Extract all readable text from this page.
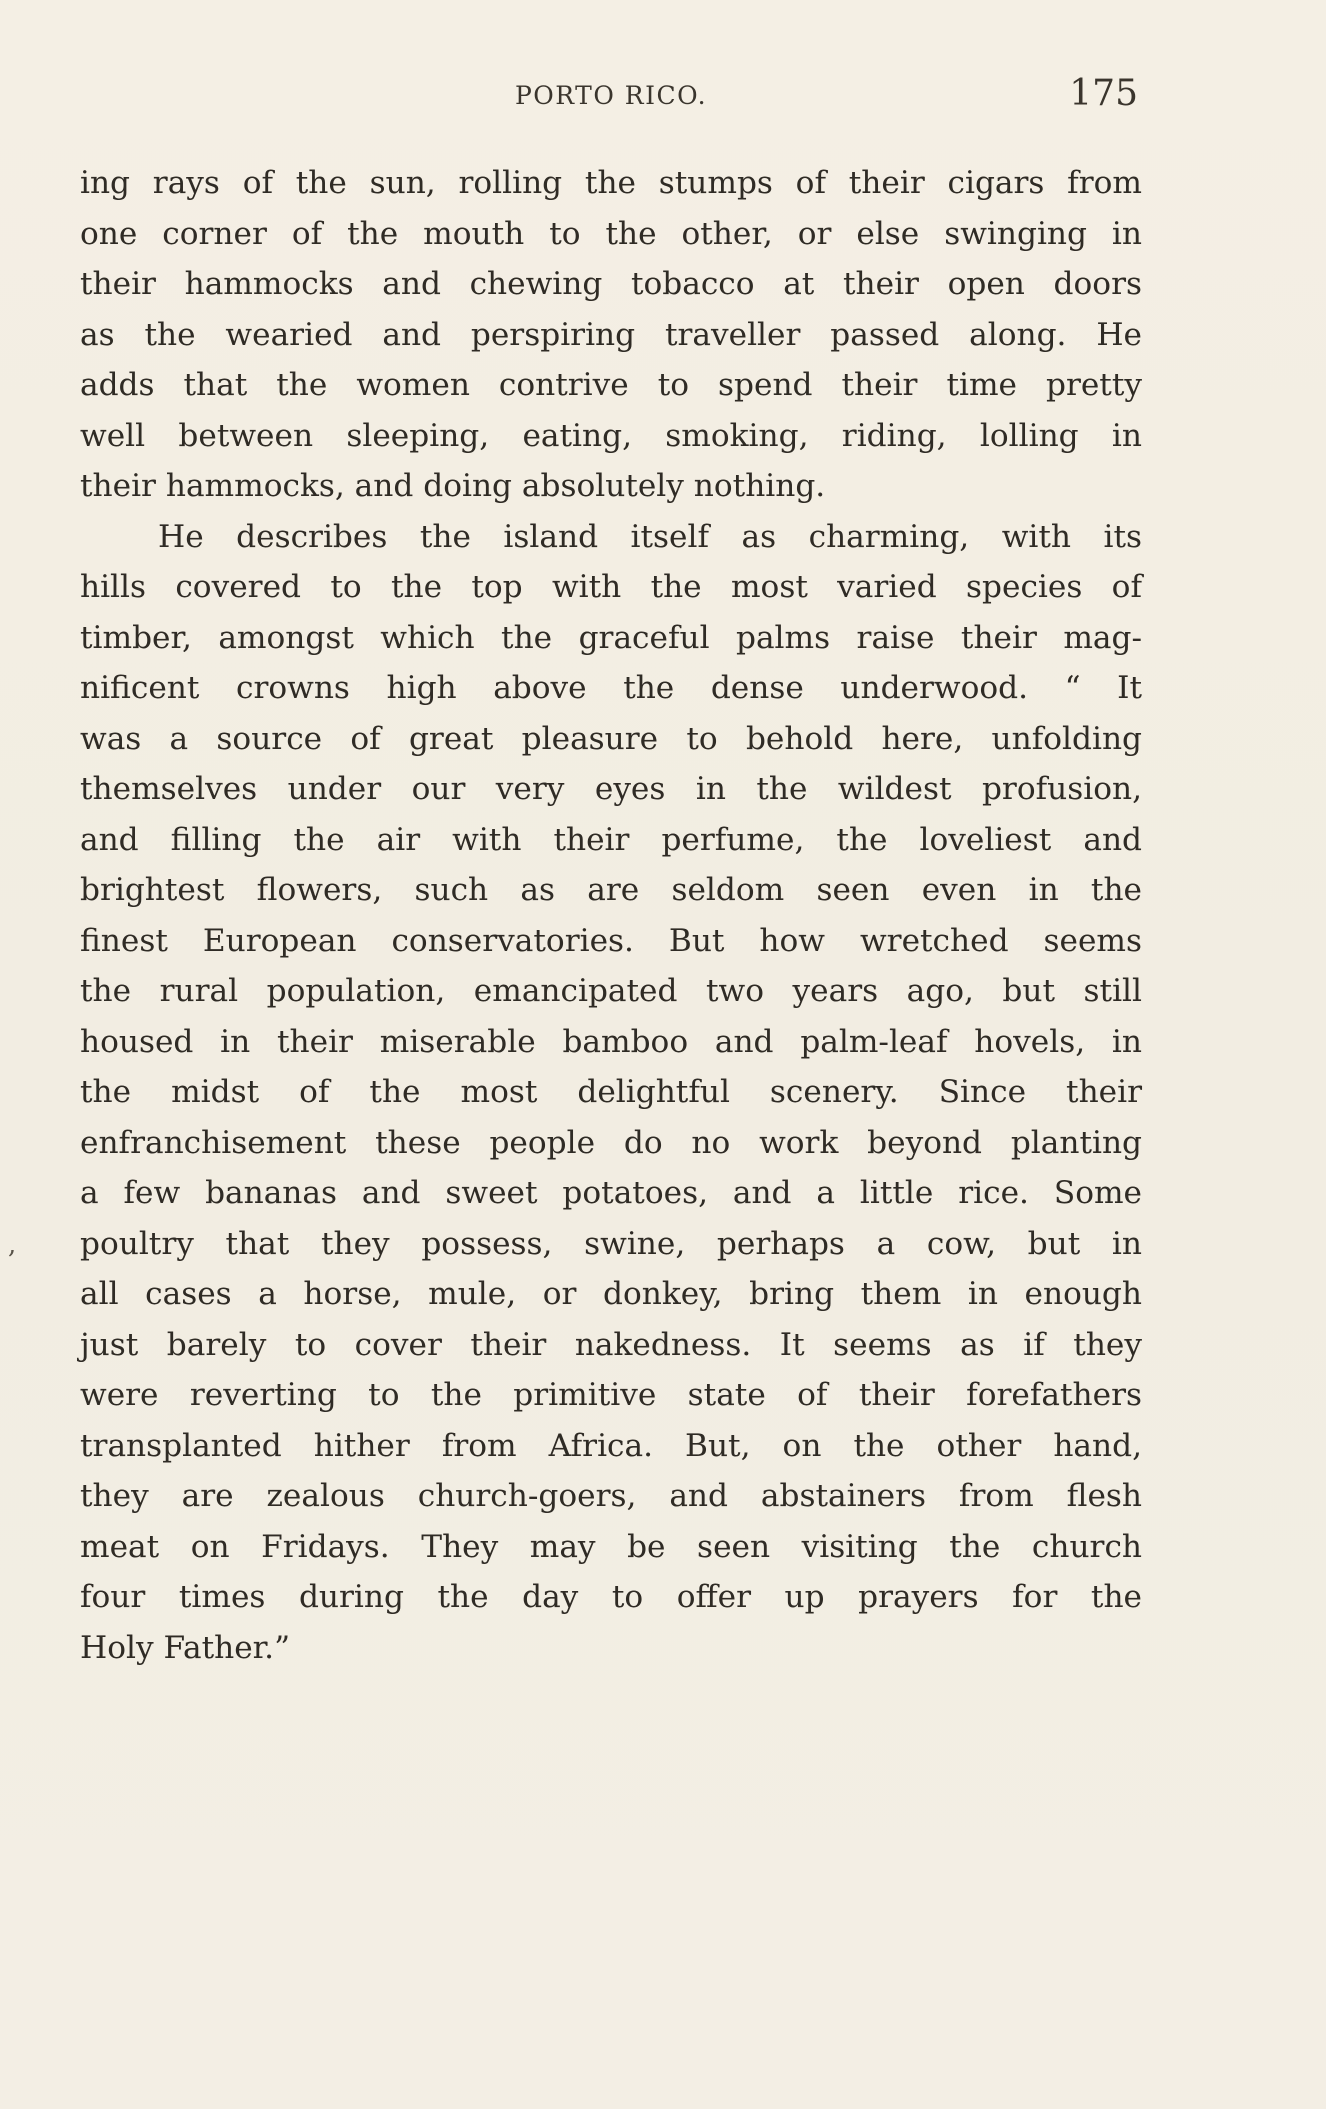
PORTO RICO.	175
,
ing rays of the sun, rolling the stumps of their cigars from
one corner of the mouth to the other, or else swinging in
their hammocks and chewing tobacco at their open doors
as the wearied and perspiring traveller passed along. He
adds that the women contrive to spend their time pretty
well between sleeping, eating, smoking, riding, lolling in
their hammocks, and doing absolutely nothing.
He describes the island itself as charming, with its
hills covered to the top with the most varied species of
timber, amongst which the graceful palms raise their mag-
nificent crowns high above the dense underwood. “ It
was a source of great pleasure to behold here, unfolding
themselves under our very eyes in the wildest profusion,
and filling the air with their perfume, the loveliest and
brightest flowers, such as are seldom seen even in the
finest European conservatories. But how wretched seems
the rural population, emancipated two years ago, but still
housed in their miserable bamboo and palm-leaf hovels, in
the midst of the most delightful scenery. Since their
enfranchisement these people do no work beyond planting
a few bananas and sweet potatoes, and a little rice. Some
poultry that they possess, swine, perhaps a cow, but in
all cases a horse, mule, or donkey, bring them in enough
just barely to cover their nakedness. It seems as if they
were reverting to the primitive state of their forefathers
transplanted hither from Africa. But, on the other hand,
they are zealous church-goers, and abstainers from flesh
meat on Fridays. They may be seen visiting the church
four times during the day to offer up prayers for the
Holy Father.”
